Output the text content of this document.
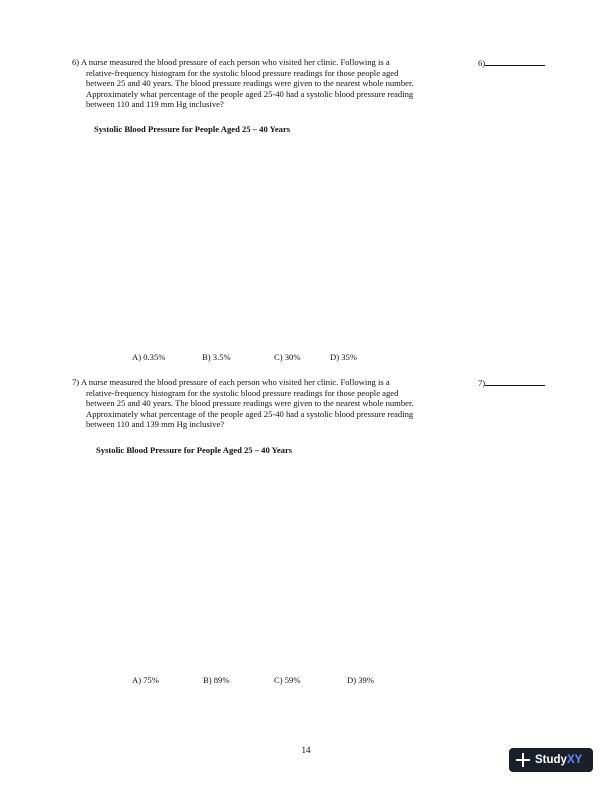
6) A nurse measured the blood pressure of each person who visited her clinic. Following is a
relative-frequency histogram for the systolic blood pressure readings for those people aged
between 25 and 40 years. The blood pressure readings were given to the nearest whole number.
Approximately what percentage of the people aged 25-40 had a systolic blood pressure reading
between 110 and 119 mm Hg inclusive?
6)
Systolic Blood Pressure for People Aged 25 – 40 Years
A) 0.35%	B) 3.5%	C) 30%	D) 35%
7) A nurse measured the blood pressure of each person who visited her clinic. Following is a
relative-frequency histogram for the systolic blood pressure readings for those people aged
between 25 and 40 years. The blood pressure readings were given to the nearest whole number.
Approximately what percentage of the people aged 25-40 had a systolic blood pressure reading
between 110 and 139 mm Hg inclusive?
7)
Systolic Blood Pressure for People Aged 25 – 40 Years
A) 75%	B) 89%	C) 59%	D) 39%
14
StudyXY
